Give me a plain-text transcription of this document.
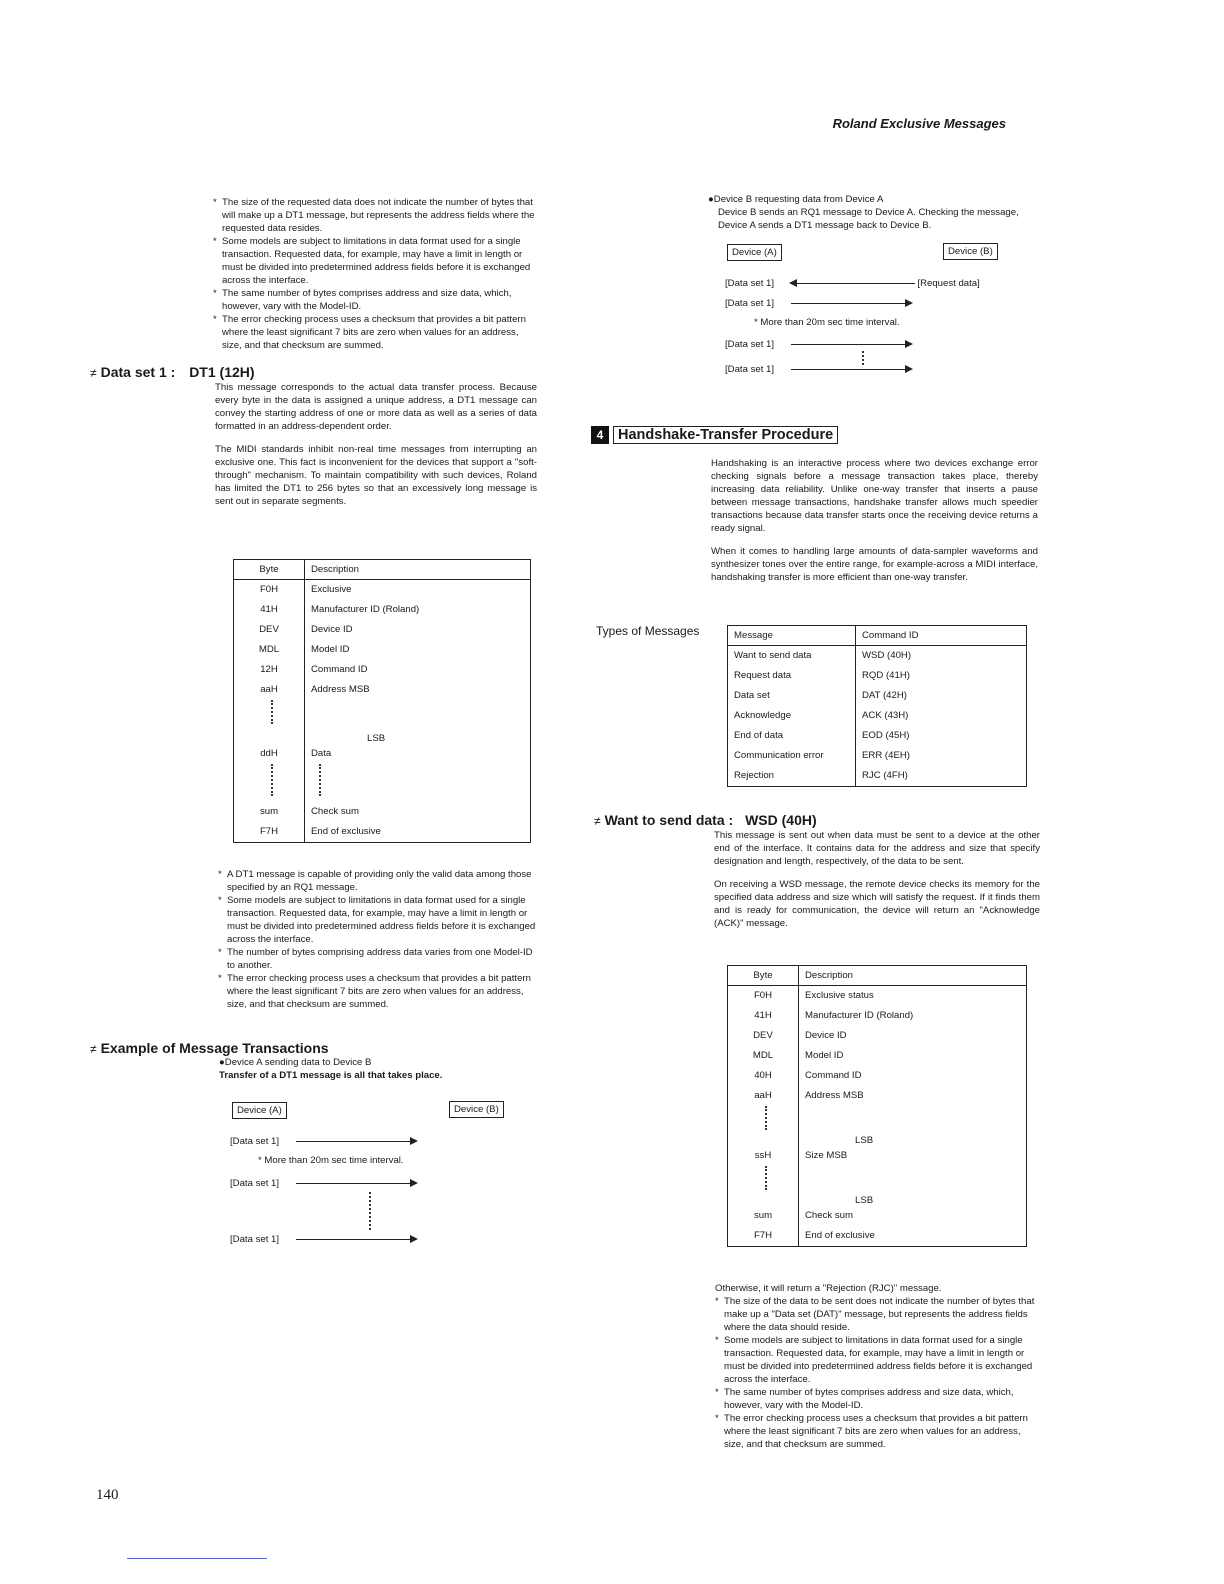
Roland Exclusive Messages
* The size of the requested data does not indicate the number of bytes that will make up a DT1 message, but represents the address fields where the requested data resides.
* Some models are subject to limitations in data format used for a single transaction. Requested data, for example, may have a limit in length or must be divided into predetermined address fields before it is exchanged across the interface.
* The same number of bytes comprises address and size data, which, however, vary with the Model-ID.
* The error checking process uses a checksum that provides a bit pattern where the least significant 7 bits are zero when values for an address, size, and that checksum are summed.
≠ Data set 1 : DT1 (12H)

This message corresponds to the actual data transfer process. Because every byte in the data is assigned a unique address, a DT1 message can convey the starting address of one or more data as well as a series of data formatted in an address-dependent order.

The MIDI standards inhibit non-real time messages from interrupting an exclusive one. This fact is inconvenient for the devices that support a "soft-through" mechanism. To maintain compatibility with such devices, Roland has limited the DT1 to 256 bytes so that an excessively long message is sent out in separate segments.

Byte	Description
F0H	Exclusive
41H	Manufacturer ID (Roland)
DEV	Device ID
MDL	Model ID
12H	Command ID
aaH	Address MSB
	LSB
ddH	Data

sum	Check sum
F7H	End of exclusive
* A DT1 message is capable of providing only the valid data among those specified by an RQ1 message.
* Some models are subject to limitations in data format used for a single transaction. Requested data, for example, may have a limit in length or must be divided into predetermined address fields before it is exchanged across the interface.
* The number of bytes comprising address data varies from one Model-ID to another.
* The error checking process uses a checksum that provides a bit pattern where the least significant 7 bits are zero when values for an address, size, and that checksum are summed.
≠ Example of Message Transactions
●Device A sending data to Device B
Transfer of a DT1 message is all that takes place.
Device (A)	Device (B)
[Data set 1]
* More than 20m sec time interval.
[Data set 1]
[Data set 1]
●Device B requesting data from Device A
Device B sends an RQ1 message to Device A. Checking the message, Device A sends a DT1 message back to Device B.
Device (A)	Device (B)
[Data set 1]	[Request data]
[Data set 1]
* More than 20m sec time interval.
[Data set 1]
[Data set 1]
4 Handshake-Transfer Procedure

Handshaking is an interactive process where two devices exchange error checking signals before a message transaction takes place, thereby increasing data reliability. Unlike one-way transfer that inserts a pause between message transactions, handshake transfer allows much speedier transactions because data transfer starts once the receiving device returns a ready signal.

When it comes to handling large amounts of data-sampler waveforms and synthesizer tones over the entire range, for example-across a MIDI interface, handshaking transfer is more efficient than one-way transfer.

Types of Messages	Message	Command ID
Want to send data	WSD (40H)
Request data	RQD (41H)
Data set	DAT (42H)
Acknowledge	ACK (43H)
End of data	EOD (45H)
Communication error	ERR (4EH)
Rejection	RJC (4FH)
≠ Want to send data : WSD (40H)

This message is sent out when data must be sent to a device at the other end of the interface. It contains data for the address and size that specify designation and length, respectively, of the data to be sent.

On receiving a WSD message, the remote device checks its memory for the specified data address and size which will satisfy the request. If it finds them and is ready for communication, the device will return an "Acknowledge (ACK)" message.

Byte	Description
F0H	Exclusive status
41H	Manufacturer ID (Roland)
DEV	Device ID
MDL	Model ID
40H	Command ID
aaH	Address MSB
	LSB
ssH	Size MSB
	LSB
sum	Check sum
F7H	End of exclusive
Otherwise, it will return a "Rejection (RJC)" message.
* The size of the data to be sent does not indicate the number of bytes that make up a "Data set (DAT)" message, but represents the address fields where the data should reside.
* Some models are subject to limitations in data format used for a single transaction. Requested data, for example, may have a limit in length or must be divided into predetermined address fields before it is exchanged across the interface.
* The same number of bytes comprises address and size data, which, however, vary with the Model-ID.
* The error checking process uses a checksum that provides a bit pattern where the least significant 7 bits are zero when values for an address, size, and that checksum are summed.
140
